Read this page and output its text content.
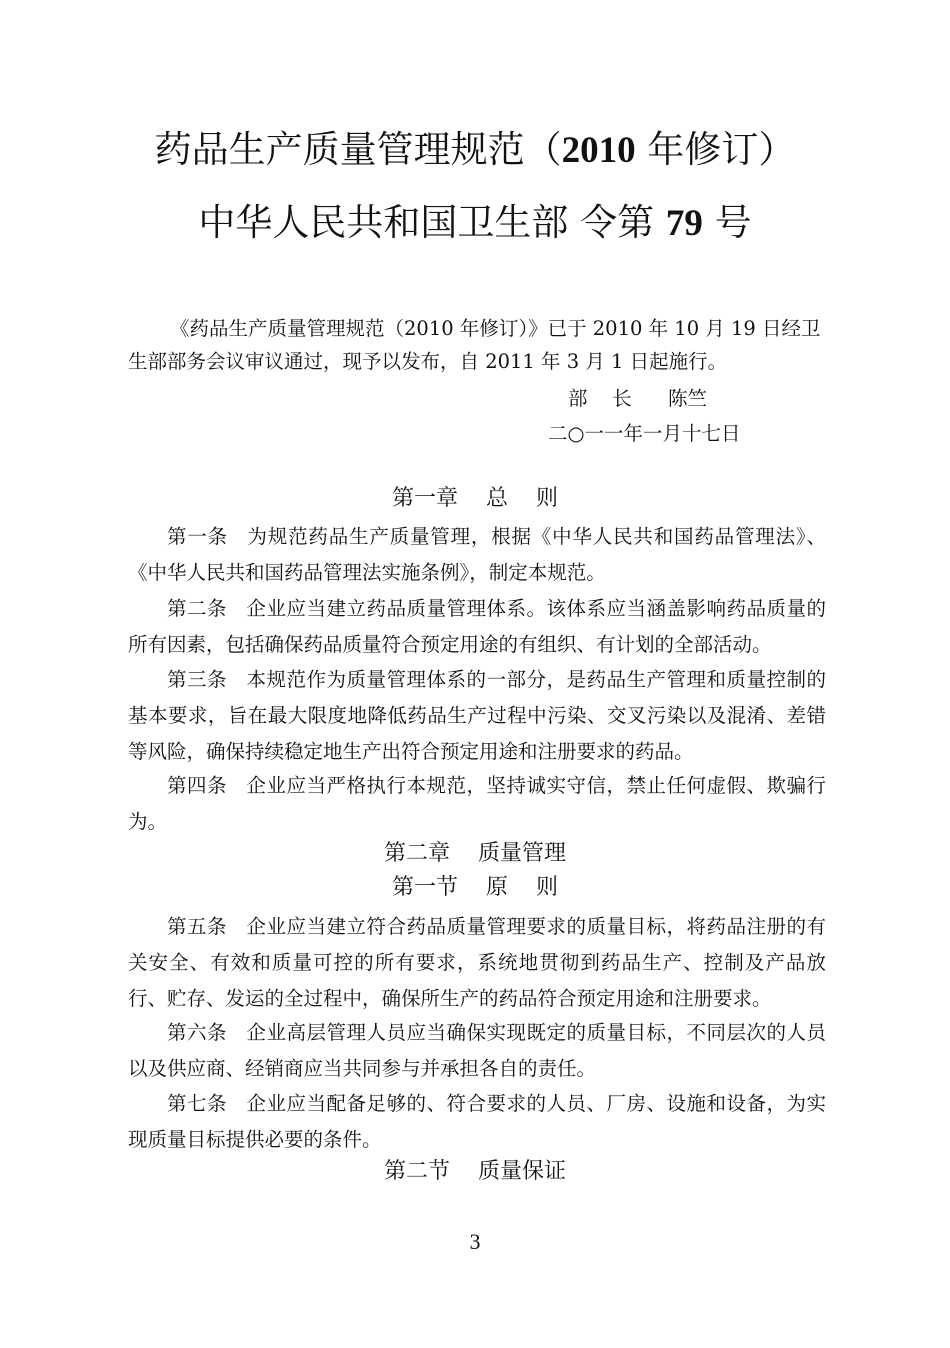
药品生产质量管理规范（2010 年修订）
中华人民共和国卫生部 令第 79 号
《药品生产质量管理规范（2010 年修订）》已于 2010 年 10 月 19 日经卫
生部部务会议审议通过，现予以发布，自 2011 年 3 月 1 日起施行。
部    长 陈竺
二○一一年一月十七日
第一章    总    则
第一条 为规范药品生产质量管理，根据《中华人民共和国药品管理法》、《中华人民共和国药品管理法实施条例》，制定本规范。
第二条 企业应当建立药品质量管理体系。该体系应当涵盖影响药品质量的所有因素，包括确保药品质量符合预定用途的有组织、有计划的全部活动。
第三条 本规范作为质量管理体系的一部分，是药品生产管理和质量控制的基本要求，旨在最大限度地降低药品生产过程中污染、交叉污染以及混淆、差错等风险，确保持续稳定地生产出符合预定用途和注册要求的药品。
第四条 企业应当严格执行本规范，坚持诚实守信，禁止任何虚假、欺骗行为。
第二章    质量管理
第一节    原    则
第五条 企业应当建立符合药品质量管理要求的质量目标，将药品注册的有关安全、有效和质量可控的所有要求，系统地贯彻到药品生产、控制及产品放行、贮存、发运的全过程中，确保所生产的药品符合预定用途和注册要求。
第六条 企业高层管理人员应当确保实现既定的质量目标，不同层次的人员以及供应商、经销商应当共同参与并承担各自的责任。
第七条 企业应当配备足够的、符合要求的人员、厂房、设施和设备，为实现质量目标提供必要的条件。
第二节    质量保证
3
